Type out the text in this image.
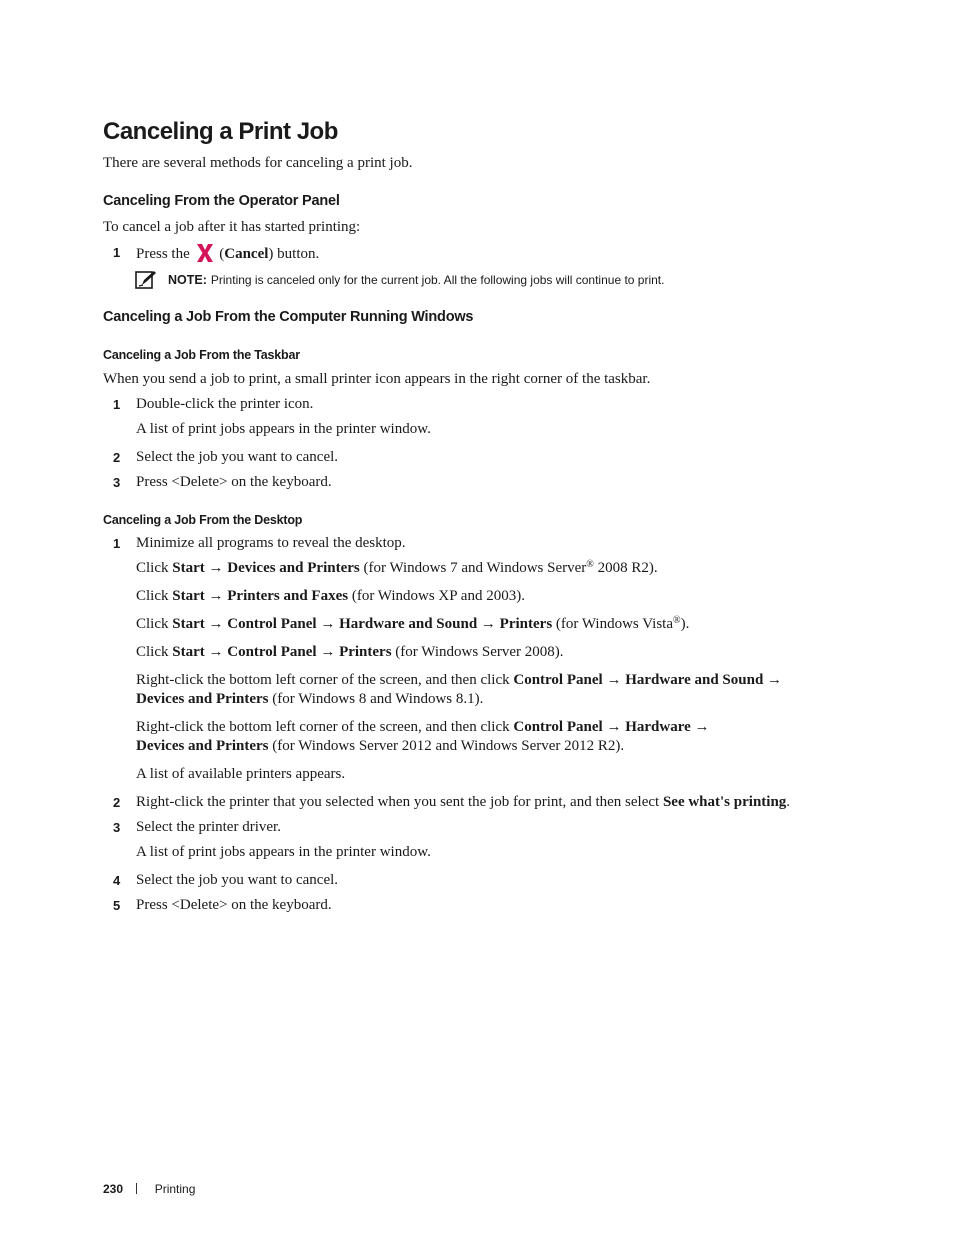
Canceling a Print Job
There are several methods for canceling a print job.
Canceling From the Operator Panel
To cancel a job after it has started printing:
1 Press the (Cancel) button.
NOTE: Printing is canceled only for the current job. All the following jobs will continue to print.
Canceling a Job From the Computer Running Windows
Canceling a Job From the Taskbar
When you send a job to print, a small printer icon appears in the right corner of the taskbar.
1 Double-click the printer icon.
A list of print jobs appears in the printer window.
2 Select the job you want to cancel.
3 Press <Delete> on the keyboard.
Canceling a Job From the Desktop
1 Minimize all programs to reveal the desktop.
Click Start → Devices and Printers (for Windows 7 and Windows Server® 2008 R2).
Click Start → Printers and Faxes (for Windows XP and 2003).
Click Start → Control Panel → Hardware and Sound → Printers (for Windows Vista®).
Click Start → Control Panel → Printers (for Windows Server 2008).
Right-click the bottom left corner of the screen, and then click Control Panel → Hardware and Sound →
Devices and Printers (for Windows 8 and Windows 8.1).
Right-click the bottom left corner of the screen, and then click Control Panel → Hardware →
Devices and Printers (for Windows Server 2012 and Windows Server 2012 R2).
A list of available printers appears.
2 Right-click the printer that you selected when you sent the job for print, and then select See what's printing.
3 Select the printer driver.
A list of print jobs appears in the printer window.
4 Select the job you want to cancel.
5 Press <Delete> on the keyboard.
230	Printing
